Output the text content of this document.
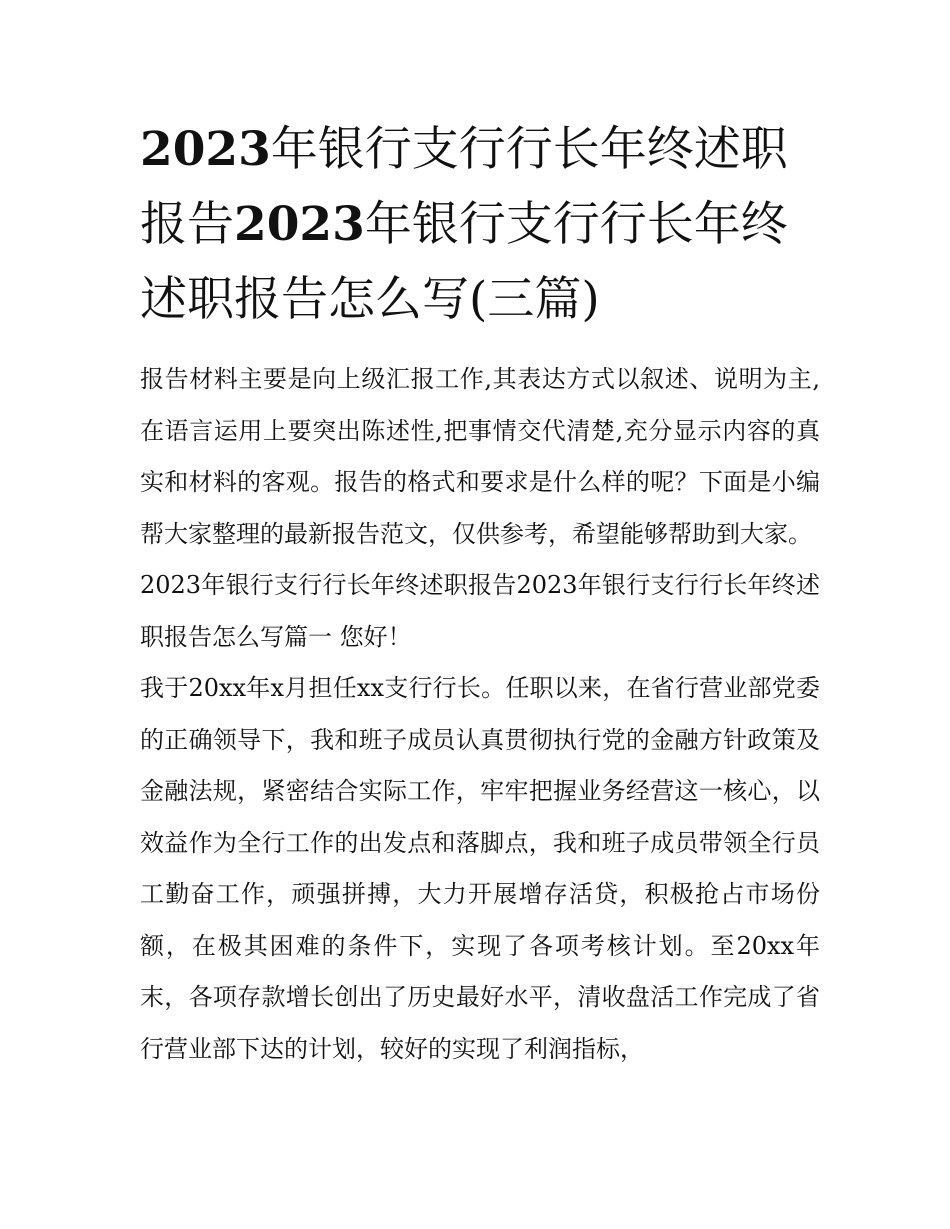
2023年银行支行行长年终述职报告2023年银行支行行长年终述职报告怎么写(三篇)

报告材料主要是向上级汇报工作,其表达方式以叙述、说明为主,在语言运用上要突出陈述性,把事情交代清楚,充分显示内容的真实和材料的客观。报告的格式和要求是什么样的呢？下面是小编帮大家整理的最新报告范文，仅供参考，希望能够帮助到大家。

2023年银行支行行长年终述职报告2023年银行支行行长年终述职报告怎么写篇一 您好！

我于20xx年x月担任xx支行行长。任职以来，在省行营业部党委的正确领导下，我和班子成员认真贯彻执行党的金融方针政策及金融法规，紧密结合实际工作，牢牢把握业务经营这一核心，以效益作为全行工作的出发点和落脚点，我和班子成员带领全行员工勤奋工作，顽强拼搏，大力开展增存活贷，积极抢占市场份额，在极其困难的条件下，实现了各项考核计划。至20xx年末，各项存款增长创出了历史最好水平，清收盘活工作完成了省行营业部下达的计划，较好的实现了利润指标，
